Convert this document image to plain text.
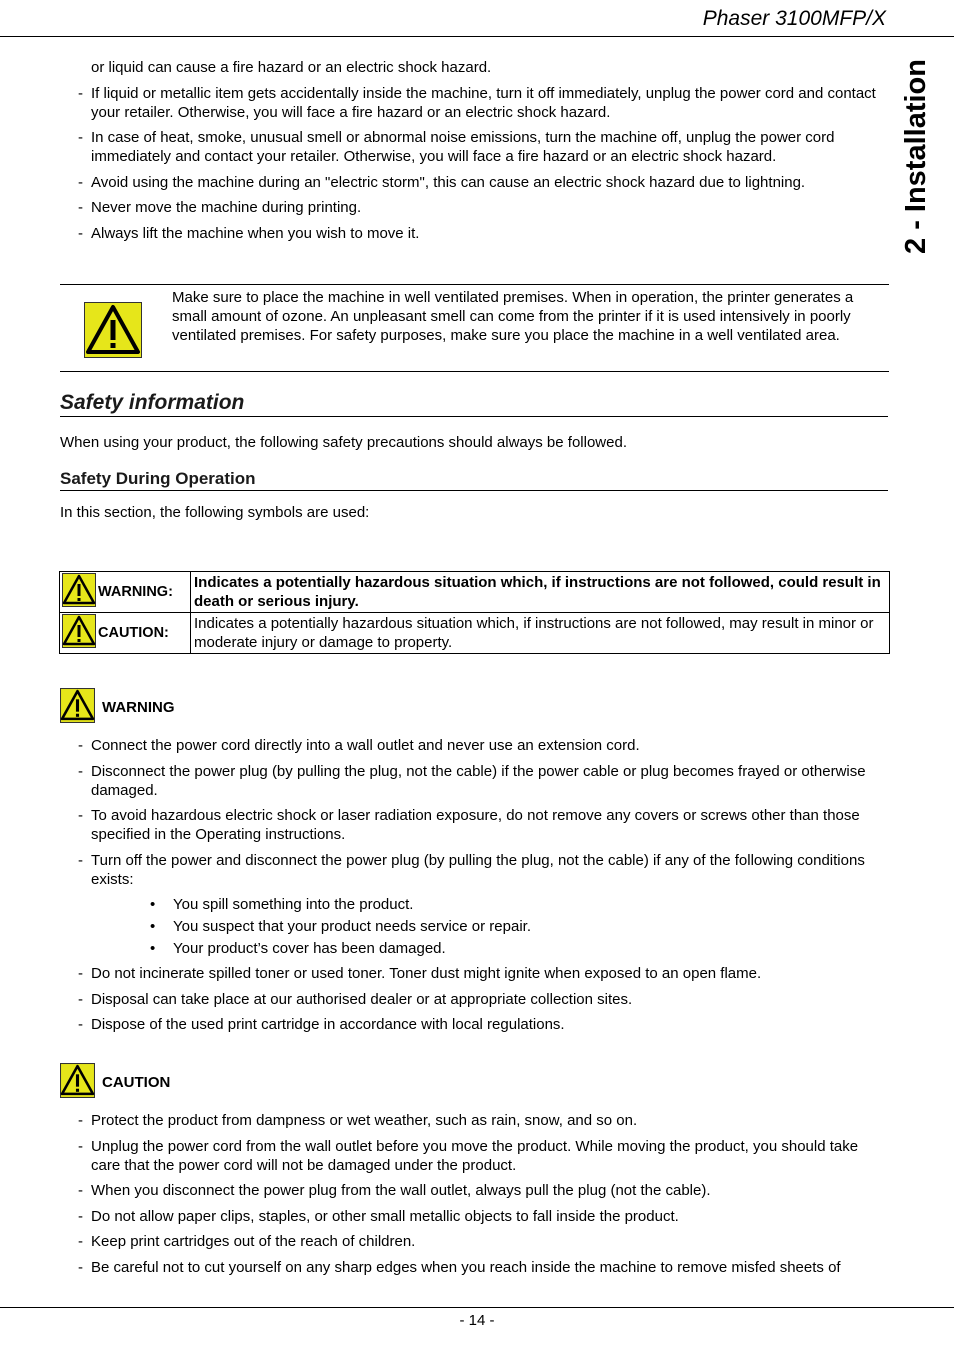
Phaser 3100MFP/X
2 - Installation
or liquid can cause a fire hazard or an electric shock hazard.
- If liquid or metallic item gets accidentally inside the machine, turn it off immediately, unplug the power cord and contact your retailer. Otherwise, you will face a fire hazard or an electric shock hazard.
- In case of heat, smoke, unusual smell or abnormal noise emissions, turn the machine off, unplug the power cord immediately and contact your retailer. Otherwise, you will face a fire hazard or an electric shock hazard.
- Avoid using the machine during an "electric storm", this can cause an electric shock hazard due to lightning.
- Never move the machine during printing.
- Always lift the machine when you wish to move it.
Make sure to place the machine in well ventilated premises. When in operation, the printer generates a small amount of ozone. An unpleasant smell can come from the printer if it is used intensively in poorly ventilated premises. For safety purposes, make sure you place the machine in a well ventilated area.
Safety information
When using your product, the following safety precautions should always be followed.
Safety During Operation
In this section, the following symbols are used:
WARNING:	Indicates a potentially hazardous situation which, if instructions are not followed, could result in death or serious injury.
CAUTION:	Indicates a potentially hazardous situation which, if instructions are not followed, may result in minor or moderate injury or damage to property.
WARNING
- Connect the power cord directly into a wall outlet and never use an extension cord.
- Disconnect the power plug (by pulling the plug, not the cable) if the power cable or plug becomes frayed or otherwise damaged.
- To avoid hazardous electric shock or laser radiation exposure, do not remove any covers or screws other than those specified in the Operating instructions.
- Turn off the power and disconnect the power plug (by pulling the plug, not the cable) if any of the following conditions exists:
• You spill something into the product.
• You suspect that your product needs service or repair.
• Your product’s cover has been damaged.
- Do not incinerate spilled toner or used toner. Toner dust might ignite when exposed to an open flame.
- Disposal can take place at our authorised dealer or at appropriate collection sites.
- Dispose of the used print cartridge in accordance with local regulations.
CAUTION
- Protect the product from dampness or wet weather, such as rain, snow, and so on.
- Unplug the power cord from the wall outlet before you move the product. While moving the product, you should take care that the power cord will not be damaged under the product.
- When you disconnect the power plug from the wall outlet, always pull the plug (not the cable).
- Do not allow paper clips, staples, or other small metallic objects to fall inside the product.
- Keep print cartridges out of the reach of children.
- Be careful not to cut yourself on any sharp edges when you reach inside the machine to remove misfed sheets of
- 14 -
